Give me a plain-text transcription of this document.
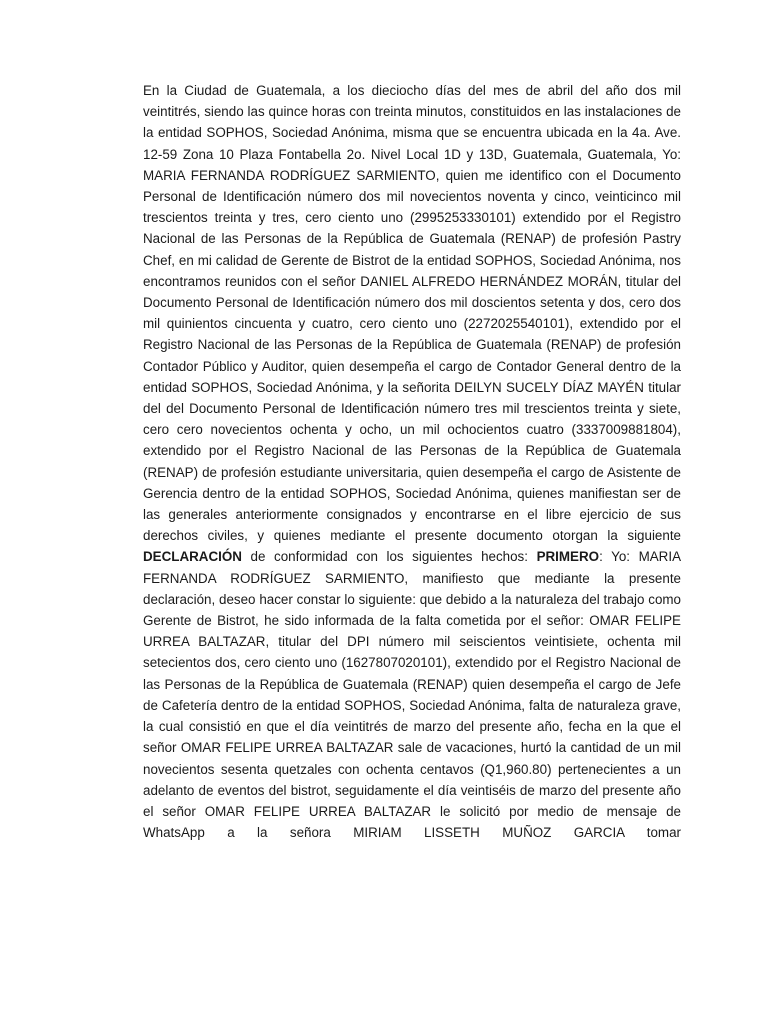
En la Ciudad de Guatemala, a los dieciocho días del mes de abril del año dos mil veintitrés, siendo las quince horas con treinta minutos, constituidos en las instalaciones de la entidad SOPHOS, Sociedad Anónima, misma que se encuentra ubicada en la 4a. Ave. 12-59 Zona 10 Plaza Fontabella 2o. Nivel Local 1D y 13D, Guatemala, Guatemala, Yo: MARIA FERNANDA RODRÍGUEZ SARMIENTO, quien me identifico con el Documento Personal de Identificación número dos mil novecientos noventa y cinco, veinticinco mil trescientos treinta y tres, cero ciento uno (2995253330101) extendido por el Registro Nacional de las Personas de la República de Guatemala (RENAP) de profesión Pastry Chef, en mi calidad de Gerente de Bistrot de la entidad SOPHOS, Sociedad Anónima, nos encontramos reunidos con el señor DANIEL ALFREDO HERNÁNDEZ MORÁN, titular del Documento Personal de Identificación número dos mil doscientos setenta y dos, cero dos mil quinientos cincuenta y cuatro, cero ciento uno (2272025540101), extendido por el Registro Nacional de las Personas de la República de Guatemala (RENAP) de profesión Contador Público y Auditor, quien desempeña el cargo de Contador General dentro de la entidad SOPHOS, Sociedad Anónima, y la señorita DEILYN SUCELY DÍAZ MAYÉN titular del del Documento Personal de Identificación número tres mil trescientos treinta y siete, cero cero novecientos ochenta y ocho, un mil ochocientos cuatro (3337009881804), extendido por el Registro Nacional de las Personas de la República de Guatemala (RENAP) de profesión estudiante universitaria, quien desempeña el cargo de Asistente de Gerencia dentro de la entidad SOPHOS, Sociedad Anónima, quienes manifiestan ser de las generales anteriormente consignados y encontrarse en el libre ejercicio de sus derechos civiles, y quienes mediante el presente documento otorgan la siguiente DECLARACIÓN de conformidad con los siguientes hechos: PRIMERO: Yo: MARIA FERNANDA RODRÍGUEZ SARMIENTO, manifiesto que mediante la presente declaración, deseo hacer constar lo siguiente: que debido a la naturaleza del trabajo como Gerente de Bistrot, he sido informada de la falta cometida por el señor: OMAR FELIPE URREA BALTAZAR, titular del DPI número mil seiscientos veintisiete, ochenta mil setecientos dos, cero ciento uno (1627807020101), extendido por el Registro Nacional de las Personas de la República de Guatemala (RENAP) quien desempeña el cargo de Jefe de Cafetería dentro de la entidad SOPHOS, Sociedad Anónima, falta de naturaleza grave, la cual consistió en que el día veintitrés de marzo del presente año, fecha en la que el señor OMAR FELIPE URREA BALTAZAR sale de vacaciones, hurtó la cantidad de un mil novecientos sesenta quetzales con ochenta centavos (Q1,960.80) pertenecientes a un adelanto de eventos del bistrot, seguidamente el día veintiséis de marzo del presente año el señor OMAR FELIPE URREA BALTAZAR le solicitó por medio de mensaje de WhatsApp a la señora MIRIAM LISSETH MUÑOZ GARCIA tomar
